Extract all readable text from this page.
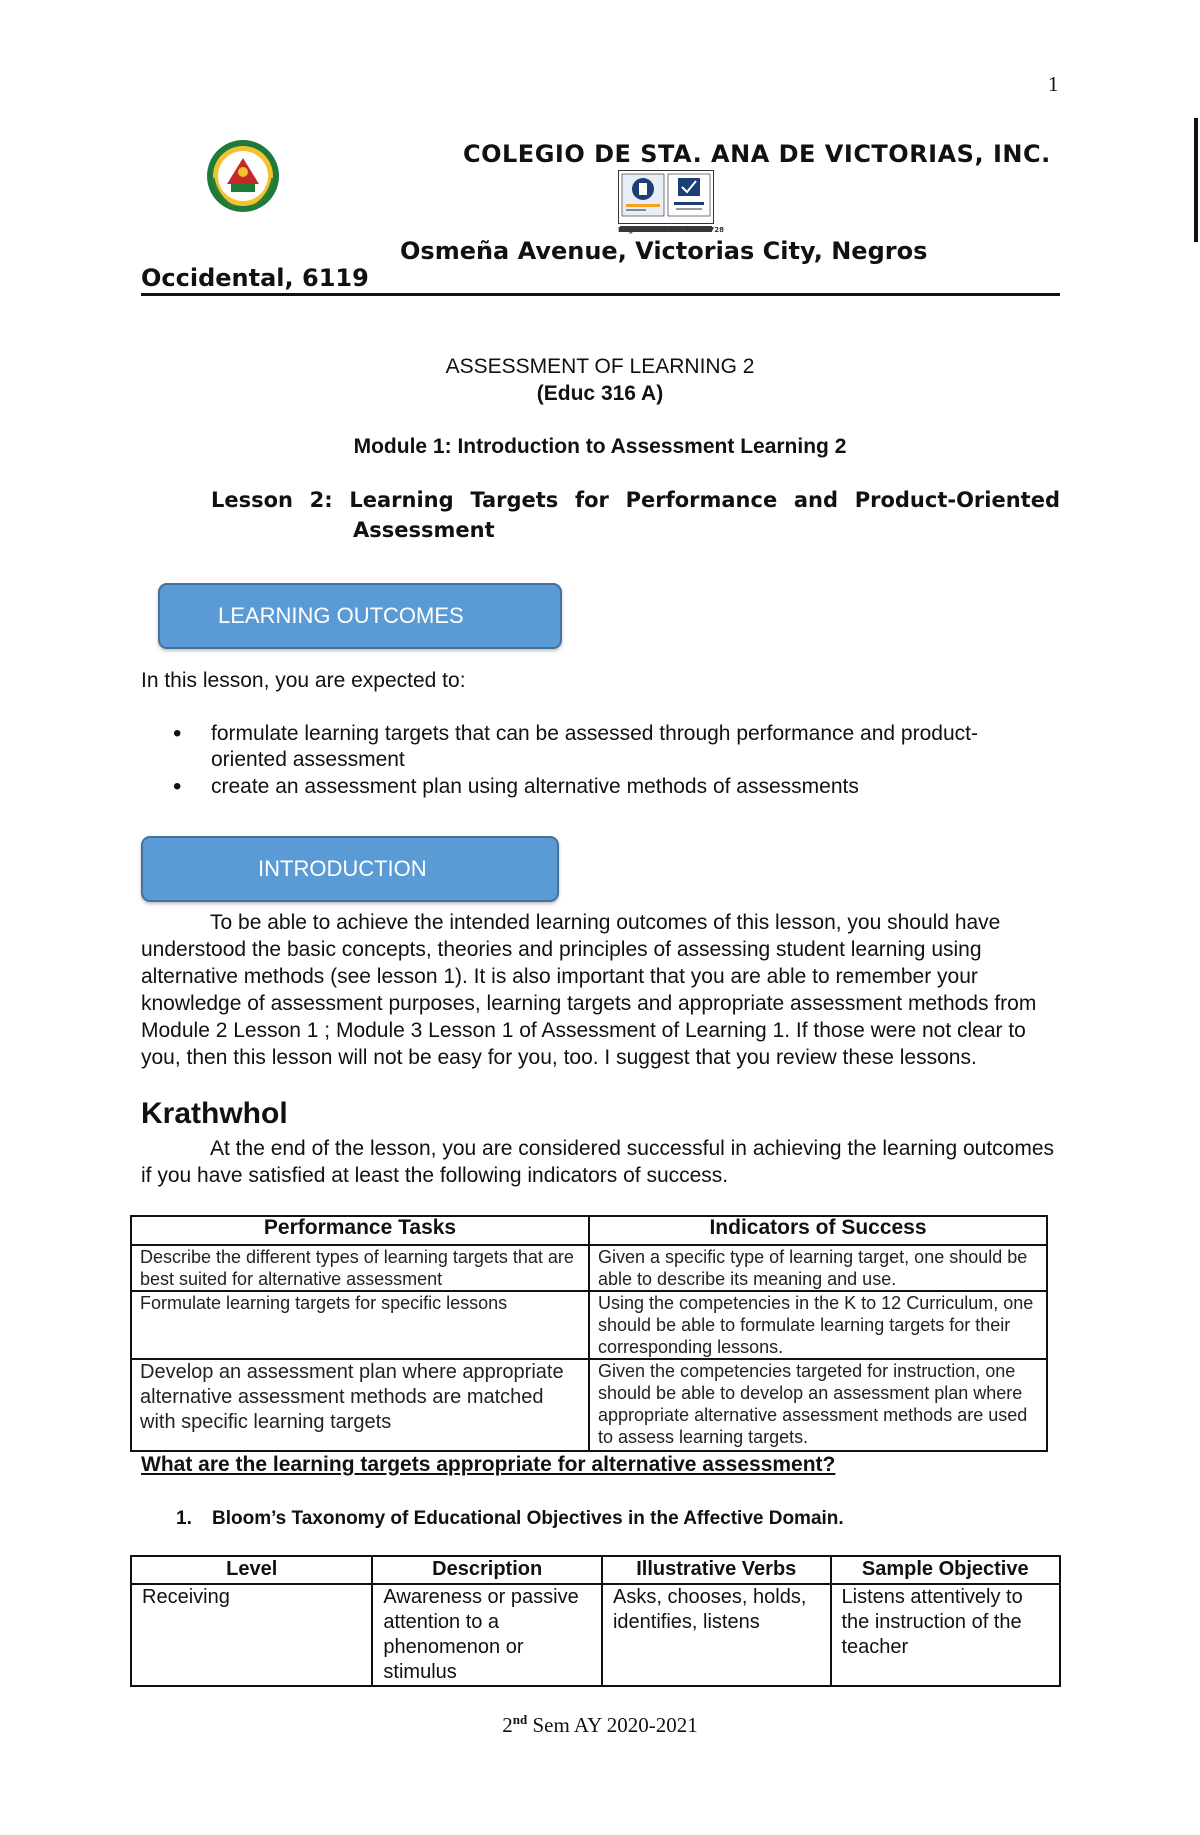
1
Registration No. 30006728
COLEGIO DE STA. ANA DE VICTORIAS, INC.
Osmeña Avenue, Victorias City, Negros
Occidental, 6119
ASSESSMENT OF LEARNING 2
(Educ 316 A)
Module 1: Introduction to Assessment Learning 2
Lesson 2: Learning Targets for Performance and Product-Oriented
Assessment
LEARNING OUTCOMES
In this lesson, you are expected to:
• formulate learning targets that can be assessed through performance and product-oriented assessment
• create an assessment plan using alternative methods of assessments
INTRODUCTION

To be able to achieve the intended learning outcomes of this lesson, you should have understood the basic concepts, theories and principles of assessing student learning using alternative methods (see lesson 1). It is also important that you are able to remember your knowledge of assessment purposes, learning targets and appropriate assessment methods from Module 2 Lesson 1 ; Module 3 Lesson 1 of Assessment of Learning 1. If those were not clear to you, then this lesson will not be easy for you, too. I suggest that you review these lessons.

Krathwhol

At the end of the lesson, you are considered successful in achieving the learning outcomes if you have satisfied at least the following indicators of success.

Performance Tasks	Indicators of Success
Describe the different types of learning targets that are best suited for alternative assessment	Given a specific type of learning target, one should be able to describe its meaning and use.
Formulate learning targets for specific lessons	Using the competencies in the K to 12 Curriculum, one should be able to formulate learning targets for their corresponding lessons.
Develop an assessment plan where appropriate alternative assessment methods are matched with specific learning targets	Given the competencies targeted for instruction, one should be able to develop an assessment plan where appropriate alternative assessment methods are used to assess learning targets.
What are the learning targets appropriate for alternative assessment?
1. Bloom’s Taxonomy of Educational Objectives in the Affective Domain.
Level	Description	Illustrative Verbs	Sample Objective
Receiving	Awareness or passive attention to a phenomenon or stimulus	Asks, chooses, holds, identifies, listens	Listens attentively to the instruction of the teacher
2nd Sem AY 2020-2021
